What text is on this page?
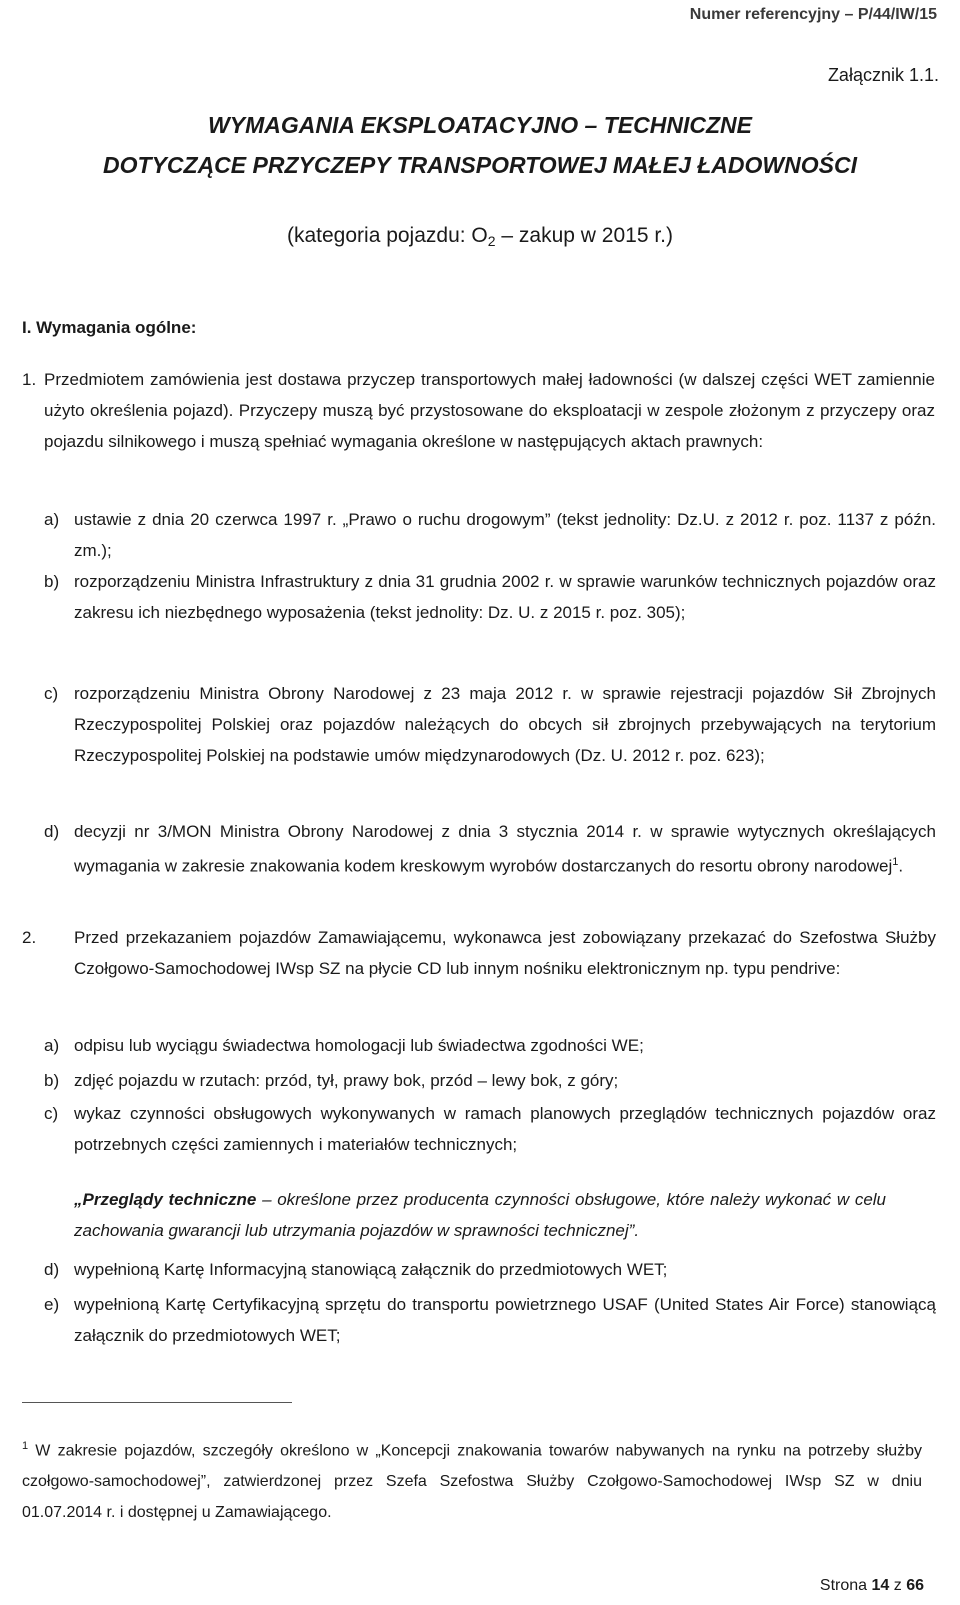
Numer referencyjny – P/44/IW/15
Załącznik 1.1.
WYMAGANIA EKSPLOATACYJNO – TECHNICZNE
DOTYCZĄCE PRZYCZEPY TRANSPORTOWEJ MAŁEJ ŁADOWNOŚCI
(kategoria pojazdu: $O_2$ – zakup w 2015 r.)
I. Wymagania ogólne:
1. Przedmiotem zamówienia jest dostawa przyczep transportowych małej ładowności (w dalszej części WET zamiennie użyto określenia pojazd). Przyczepy muszą być przystosowane do eksploatacji w zespole złożonym z przyczepy oraz pojazdu silnikowego i muszą spełniać wymagania określone w następujących aktach prawnych:
a) ustawie z dnia 20 czerwca 1997 r. „Prawo o ruchu drogowym” (tekst jednolity: Dz.U. z 2012 r. poz. 1137 z późn. zm.);
b) rozporządzeniu Ministra Infrastruktury z dnia 31 grudnia 2002 r. w sprawie warunków technicznych pojazdów oraz zakresu ich niezbędnego wyposażenia (tekst jednolity: Dz. U. z 2015 r. poz. 305);
c) rozporządzeniu Ministra Obrony Narodowej z 23 maja 2012 r. w sprawie rejestracji pojazdów Sił Zbrojnych Rzeczypospolitej Polskiej oraz pojazdów należących do obcych sił zbrojnych przebywających na terytorium Rzeczypospolitej Polskiej na podstawie umów międzynarodowych (Dz. U. 2012 r. poz. 623);
d) decyzji nr 3/MON Ministra Obrony Narodowej z dnia 3 stycznia 2014 r. w sprawie wytycznych określających wymagania w zakresie znakowania kodem kreskowym wyrobów dostarczanych do resortu obrony narodowej$^1$.
2. Przed przekazaniem pojazdów Zamawiającemu, wykonawca jest zobowiązany przekazać do Szefostwa Służby Czołgowo-Samochodowej IWsp SZ na płycie CD lub innym nośniku elektronicznym np. typu pendrive:
a) odpisu lub wyciągu świadectwa homologacji lub świadectwa zgodności WE;
b) zdjęć pojazdu w rzutach: przód, tył, prawy bok, przód – lewy bok, z góry;
c) wykaz czynności obsługowych wykonywanych w ramach planowych przeglądów technicznych pojazdów oraz potrzebnych części zamiennych i materiałów technicznych;
„Przeglądy techniczne – określone przez producenta czynności obsługowe, które należy wykonać w celu zachowania gwarancji lub utrzymania pojazdów w sprawności technicznej”.
d) wypełnioną Kartę Informacyjną stanowiącą załącznik do przedmiotowych WET;
e) wypełnioną Kartę Certyfikacyjną sprzętu do transportu powietrznego USAF (United States Air Force) stanowiącą załącznik do przedmiotowych WET;
$^1$ W zakresie pojazdów, szczegóły określono w „Koncepcji znakowania towarów nabywanych na rynku na potrzeby służby czołgowo-samochodowej”, zatwierdzonej przez Szefa Szefostwa Służby Czołgowo-Samochodowej IWsp SZ w dniu 01.07.2014 r. i dostępnej u Zamawiającego.
Strona 14 z 66
